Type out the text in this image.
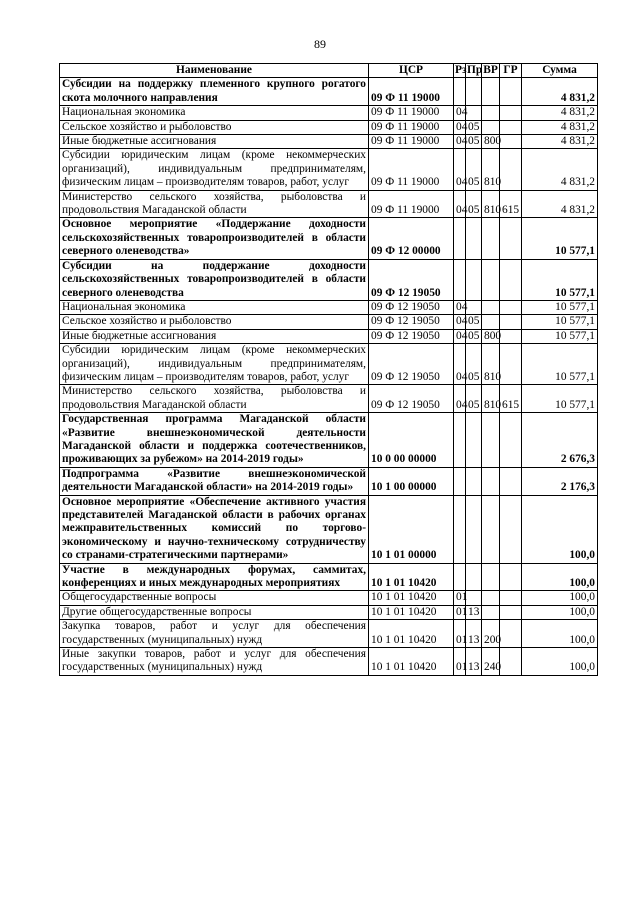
89
Наименование	ЦСР	Рз	Пр	ВР	ГР	Сумма
Субсидии на поддержку племенного крупного рогатого скота молочного направления	09 Ф 11 19000					4 831,2
Национальная экономика	09 Ф 11 19000	04				4 831,2
Сельское хозяйство и рыболовство	09 Ф 11 19000	04	05			4 831,2
Иные бюджетные ассигнования	09 Ф 11 19000	04	05	800		4 831,2
Субсидии юридическим лицам (кроме некоммерческих организаций), индивидуальным предпринимателям, физическим лицам – производителям товаров, работ, услуг	09 Ф 11 19000	04	05	810		4 831,2
Министерство сельского хозяйства, рыболовства и продовольствия Магаданской области	09 Ф 11 19000	04	05	810	615	4 831,2
Основное мероприятие «Поддержание доходности сельскохозяйственных товаропроизводителей в области северного оленеводства»	09 Ф 12 00000					10 577,1
Субсидии на поддержание доходности сельскохозяйственных товаропроизводителей в области северного оленеводства	09 Ф 12 19050					10 577,1
Национальная экономика	09 Ф 12 19050	04				10 577,1
Сельское хозяйство и рыболовство	09 Ф 12 19050	04	05			10 577,1
Иные бюджетные ассигнования	09 Ф 12 19050	04	05	800		10 577,1
Субсидии юридическим лицам (кроме некоммерческих организаций), индивидуальным предпринимателям, физическим лицам – производителям товаров, работ, услуг	09 Ф 12 19050	04	05	810		10 577,1
Министерство сельского хозяйства, рыболовства и продовольствия Магаданской области	09 Ф 12 19050	04	05	810	615	10 577,1
Государственная программа Магаданской области «Развитие внешнеэкономической деятельности Магаданской области и поддержка соотечественников, проживающих за рубежом» на 2014-2019 годы»	10 0 00 00000					2 676,3
Подпрограмма «Развитие внешнеэкономической деятельности Магаданской области» на 2014-2019 годы»	10 1 00 00000					2 176,3
Основное мероприятие «Обеспечение активного участия представителей Магаданской области в рабочих органах межправительственных комиссий по торгово-экономическому и научно-техническому сотрудничеству со странами-стратегическими партнерами»	10 1 01 00000					100,0
Участие в международных форумах, саммитах, конференциях и иных международных мероприятиях	10 1 01 10420					100,0
Общегосударственные вопросы	10 1 01 10420	01				100,0
Другие общегосударственные вопросы	10 1 01 10420	01	13			100,0
Закупка товаров, работ и услуг для обеспечения государственных (муниципальных) нужд	10 1 01 10420	01	13	200		100,0
Иные закупки товаров, работ и услуг для обеспечения государственных (муниципальных) нужд	10 1 01 10420	01	13	240		100,0
